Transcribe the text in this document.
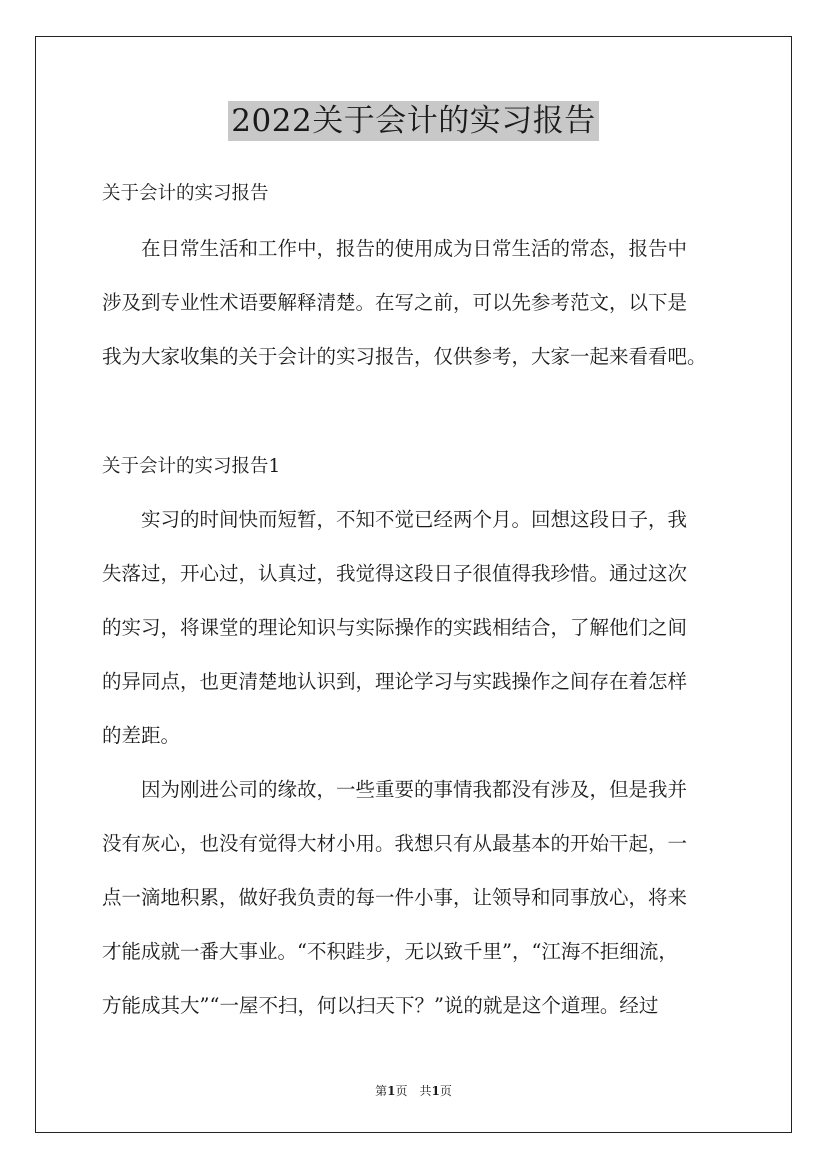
2022关于会计的实习报告
关于会计的实习报告
　　在日常生活和工作中，报告的使用成为日常生活的常态，报告中
涉及到专业性术语要解释清楚。在写之前，可以先参考范文，以下是
我为大家收集的关于会计的实习报告，仅供参考，大家一起来看看吧。
关于会计的实习报告1
　　实习的时间快而短暂，不知不觉已经两个月。回想这段日子，我
失落过，开心过，认真过，我觉得这段日子很值得我珍惜。通过这次
的实习，将课堂的理论知识与实际操作的实践相结合，了解他们之间
的异同点，也更清楚地认识到，理论学习与实践操作之间存在着怎样
的差距。
　　因为刚进公司的缘故，一些重要的事情我都没有涉及，但是我并
没有灰心，也没有觉得大材小用。我想只有从最基本的开始干起，一
点一滴地积累，做好我负责的每一件小事，让领导和同事放心，将来
才能成就一番大事业。“不积跬步，无以致千里”，“江海不拒细流，
方能成其大”“一屋不扫，何以扫天下？”说的就是这个道理。经过
第1页　共1页
